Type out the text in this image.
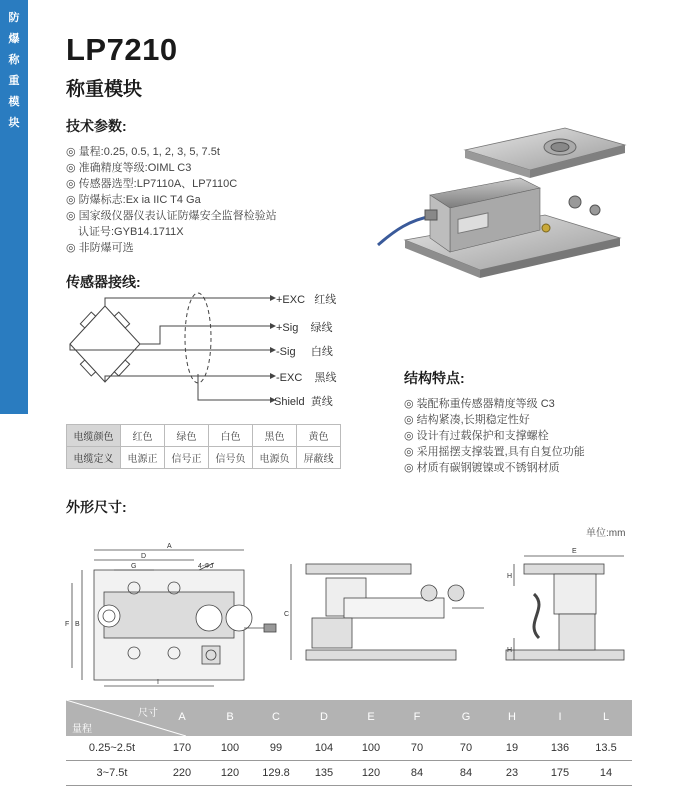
防
爆
称
重
模
块
LP7210
称重模块
技术参数:
◎ 量程:0.25, 0.5, 1, 2, 3, 5, 7.5t
◎ 准确精度等级:OIML C3
◎ 传感器选型:LP7110A、LP7110C
◎ 防爆标志:Ex ia IIC T4 Ga
◎ 国家级仪器仪表认证防爆安全监督检验站
认证号:GYB14.1711X
◎ 非防爆可选
传感器接线:
+EXC 红线
+Sig 绿线
-Sig 白线
-EXC 黑线
Shield 黄线
电缆颜色	红色	绿色	白色	黑色	黄色
电缆定义	电源正	信号正	信号负	电源负	屏蔽线
结构特点:
◎ 装配称重传感器精度等级 C3
◎ 结构紧凑,长期稳定性好
◎ 设计有过载保护和支撑螺栓
◎ 采用摇摆支撑装置,具有自复位功能
◎ 材质有碳钢镀镍或不锈钢材质
外形尺寸:
单位:mm
A
D
G	4-ΦJ
B
F
I
C
E
H
H
尺寸
量程
A	B	C	D	E	F	G	H	I	L
0.25~2.5t	170	100	99	104	100	70	70	19	136	13.5
3~7.5t	220	120	129.8	135	120	84	84	23	175	14
